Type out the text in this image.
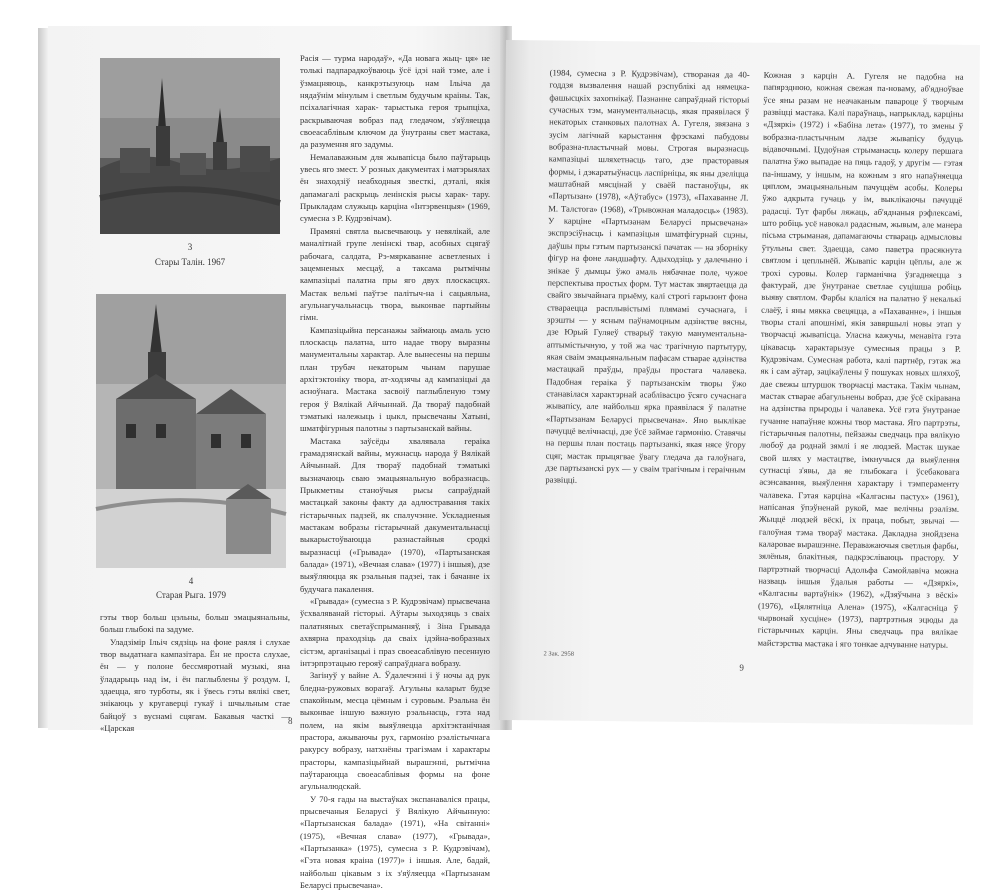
3
Стары Талін. 1967
4
Старая Рыга. 1979

Расія — турма народаў», «Да новага жыц- ця» не толькі падпарадкоўваюць ўсё ідэі най тэме, але і ўзмацняюць, канкрэтызуюць нам Ільіча да нядаўнім мінулым і светлым будучым краіны. Так, псіхалагічная харак- тарыстыка героя трыпціха, раскрываючая вобраз пад гледачом, з'яўляецца своеасаблівым ключом да ўнутраны свет мастака, да разумення яго задумы.

Немалаважным для жывапісца было паўтарыць увесь яго змест. У розных дакументах і матэрыялах ён знаходзіў неабходныя звесткі, дэталі, якія дапамагалі раскрыць ленінскія рысы харак- тару. Прыкладам служыць карціна «Інтэрвенцыя» (1969, сумесна з Р. Кудрэвічам).

Прамяні святла высвечваюць у невялікай, але маналітнай групе ленінскі твар, асобных сцягаў рабочага, салдата, Рэ-мяркаванне асветленых і зацемненых месцаў, а таксама рытмічны кампазіцыі палатна пры яго двух плоскасцях. Мастак вельмі паўтэе палітыч-на і сацыяльна, агульнагучальнасць твора, выконвае партыйны гімн.

Кампазіцыйна персанажы займаюць амаль усю плоскасць палатна, што надае твору выразны манументальны характар. Але вынесены на першы план трубач некаторым чынам парушае архітэктоніку твора, ат-ходзячы ад кампазіцыі да асноўнага. Мастака засвоіў паглыбленую тэму героя ў Вялікай Айчыннай. Да твораў падобнай тэматыкі належыць і цыкл, прысвечаны Хатыні, шматфігурныя палотны з партызанскай вайны.

Мастака заўсёды хвалявала гераіка грамадзянскай вайны, мужнасць народа ў Вялікай Айчыннай. Для твораў падобнай тэматыкі вызначаюць сваю эмацыянальную вобразнасць. Прыкметны станоўчыя рысы сапраўднай мастацкай законы факту да адлюстравання такіх гістарычных падзей, як спалучэнне. Ускладненыя мастакам вобразы гістарычнай дакументальнасці выкарыстоўваюцца разнастайныя сродкі выразнасці («Грывада» (1970), «Партызанская балада» (1971), «Вечная слава» (1977) і іншыя), дзе выяўляюцца як рэальныя падзеі, так і бачанне іх будучага пакалення.

«Грывада» (сумесна з Р. Кудрэвічам) прысвечана ўсхваляванай гісторыі. Аўтары зыходзяць з сваіх палатняных светаўспрыманняў, і Зіна Грывада ахвярна праходзіць да сваіх ідэйна-вобразных сістэм, арганізацыі і праз своеасаблівую песенную інтэрпрэтацыю герояў сапраўднага вобразу.

Загінуў у вайне А. Ўдалечэнні і ў ночы ад рук бледна-ружовых ворагаў. Агульны каларыт будзе спакойным, месца цёмным і суровым. Рэальна ён выконвае іншую важную рэальнасць, гэта над полем, на якім выяўляецца архітэктанічная прастора, ажываючы рух, гармонію рэалістычнага ракурсу вобразу, натхнёны трагізмам і характары прасторы, кампазіцыйнай вырашэнні, рытмічна паўтараюцца своеасаблівыя формы на фоне агульналюдскай.

У 70-я гады на выстаўках экспанаваліся працы, прысвечаныя Беларусі ў Вялікую Айчынную: «Партызанская балада» (1971), «На світанні» (1975), «Вечная слава» (1977), «Грывада», «Партызанка» (1975), сумесна з Р. Кудрэвічам), «Гэта новая краіна (1977)» і іншыя. Але, бадай, найбольш цікавым з іх з'яўляецца «Партызанам Беларусі прысвечана».

гэты твор больш цэльны, больш эмацыянальны, больш глыбокі па задуме.

Уладзімір Ільіч сядзіць на фоне раяля і слухае твор выдатнага кампазітара. Ён не проста слухае, ён — у полоне бессмяротнай музыкі, яна ўладарыць над ім, і ён паглыблены ў роздум. І, здаецца, яго турботы, як і ўвесь гэты вялікі свет, знікаюць у кругаверці гукаў і шчыльным стае байцоў з вуснамі сцягам. Бакавыя часткі — «Царская

8

(1984, сумесна з Р. Кудрэвічам), створаная да 40-годдзя вызвалення нашай рэспублікі ад нямецка-фашысцкіх захопнікаў. Пазнанне сапраўднай гісторыі сучасных тэм, манументальнасць, якая праявілася ў некаторых станковых палотнах А. Гугеля, звязана з зусім лагічнай карыстання фрэскамі пабудовы вобразна-пластычнай мовы. Строгая выразнасць кампазіцыі шляхетнасць таго, дзе прасторавыя формы, і дэкаратыўнасць ласпірніцы, як яны дзеліцца маштабнай мясцінай у сваёй пастаноўцы, як «Партызан» (1978), «Аўтабус» (1973), «Пахаванне Л. М. Талстога» (1968), «Трывожная маладосць» (1983). У карціне «Партызанам Беларусі прысвечана» экспрэсіўнасць і кампазіцыя шматфігурнай сцэны, даўшы пры гэтым партызанскі пачатак — на зборніку фігур на фоне ландшафту. Адыходзіць у далечыню і знікае ў дымцы ўжо амаль нябачнае поле, чужое перспектыва простых форм. Тут мастак звяртаецца да свайго звычайнага прыёму, калі строгі гарызонт фона ствараецца расплывістымі плямамі сучаснага, і зрэшты — у ясным паўнамоцным адзінстве вясны, дзе Юрый Гуляеў стварыў такую манументальна-аптымістычную, у той жа час трагічную партытуру, якая сваім эмацыянальным пафасам стварае адзінства мастацкай праўды, праўды простага чалавека. Падобная гераіка ў партызанскім творы ўжо станавілася характэрнай асаблівасцю ўсяго сучаснага жывапісу, але найбольш ярка праявілася ў палатне «Партызанам Беларусі прысвечана». Яно выклікае пачуццё велічнасці, дзе ўсё займае гармонію. Ставячы на першы план постаць партызанкі, якая нясе ўгору сцяг, мастак прыцягвае ўвагу гледача да галоўнага, дзе партызанскі рух — у сваім трагічным і гераічным развіцці.

Кожная з карцін А. Гугеля не падобна на папярэднюю, кожная свежая па-новаму, аб'ядноўвае ўсе яны разам не неачаканым павароце ў творчым развіцці мастака. Калі параўнаць, напрыклад, карціны «Дзяркі» (1972) і «Бабіна лета» (1977), то змены ў вобразна-пластычным ладзе жывапісу будуць відавочнымі. Цудоўная стрыманасць колеру першага палатна ўжо выпадае на пяць гадоў, у другім — гэтая па-іншаму, у іншым, на кожным з яго напаўняецца цяплом, эмацыянальным пачуццём асобы. Колеры ўжо адкрыта гучаць у ім, выклікаючы пачуццё радасці. Тут фарбы ляжаць, аб'яднаныя рэфлексамі, што робіць усё навокал радасным, жывым, але манера пісьма стрыманая, дапамагаючы ствараць адмысловы ўтульны свет. Здаецца, само паветра прасякнута святлом і цеплынёй. Жывапіс карцін цёплы, але ж трохі суровы. Колер гарманічна ўзгадняецца з фактурай, дзе ўнутранае светлае суцішша робіць выяву святлом. Фарбы клаліся на палатно ў некалькі слаёў, і яны мякка свецяцца, а «Пахаванне», і іншыя творы сталі апошнімі, якія завяршылі новы этап у творчасці жывапісца. Уласна кажучы, менавіта гэта цікавасць характарызуе сумесныя працы з Р. Кудрэвічам. Сумесная работа, калі партнёр, гэтак жа як і сам аўтар, зацікаўлены ў пошуках новых шляхоў, дае свежы штуршок творчасці мастака. Такім чынам, мастак стварае абагульнены вобраз, дзе ўсё скіравана на адзінства прыроды і чалавека. Усё гэта ўнутранае гучанне напаўняе кожны твор мастака. Яго партрэты, гістарычныя палотны, пейзажы сведчаць пра вялікую любоў да роднай зямлі і яе людзей. Мастак шукае свой шлях у мастацтве, імкнучыся да выяўлення сутнасці з'явы, да яе глыбокага і ўсебаковага асэнсавання, выяўлення характару і тэмпераменту чалавека. Гэтая карціна «Калгасны пастух» (1961), напісаная ўпэўненай рукой, мае велічны рэалізм. Жыццё людзей вёскі, іх праца, побыт, звычаі — галоўная тэма твораў мастака. Дакладна знойдзена каларовае вырашэнне. Пераважаючыя светлыя фарбы, зялёныя, блакітныя, падкрэсліваюць прастору. У партрэтнай творчасці Адольфа Самойлавіча можна назваць іншыя ўдалыя работы — «Дзяркі», «Калгасны вартаўнік» (1962), «Дзяўчына з вёскі» (1976), «Цялятніца Алена» (1975), «Калгасніца ў чырвонай хусціне» (1973), партрэтныя эцюды да гістарычных карцін. Яны сведчаць пра вялікае майстэрства мастака і яго тонкае адчуванне натуры.

2 Зак. 2958
9
